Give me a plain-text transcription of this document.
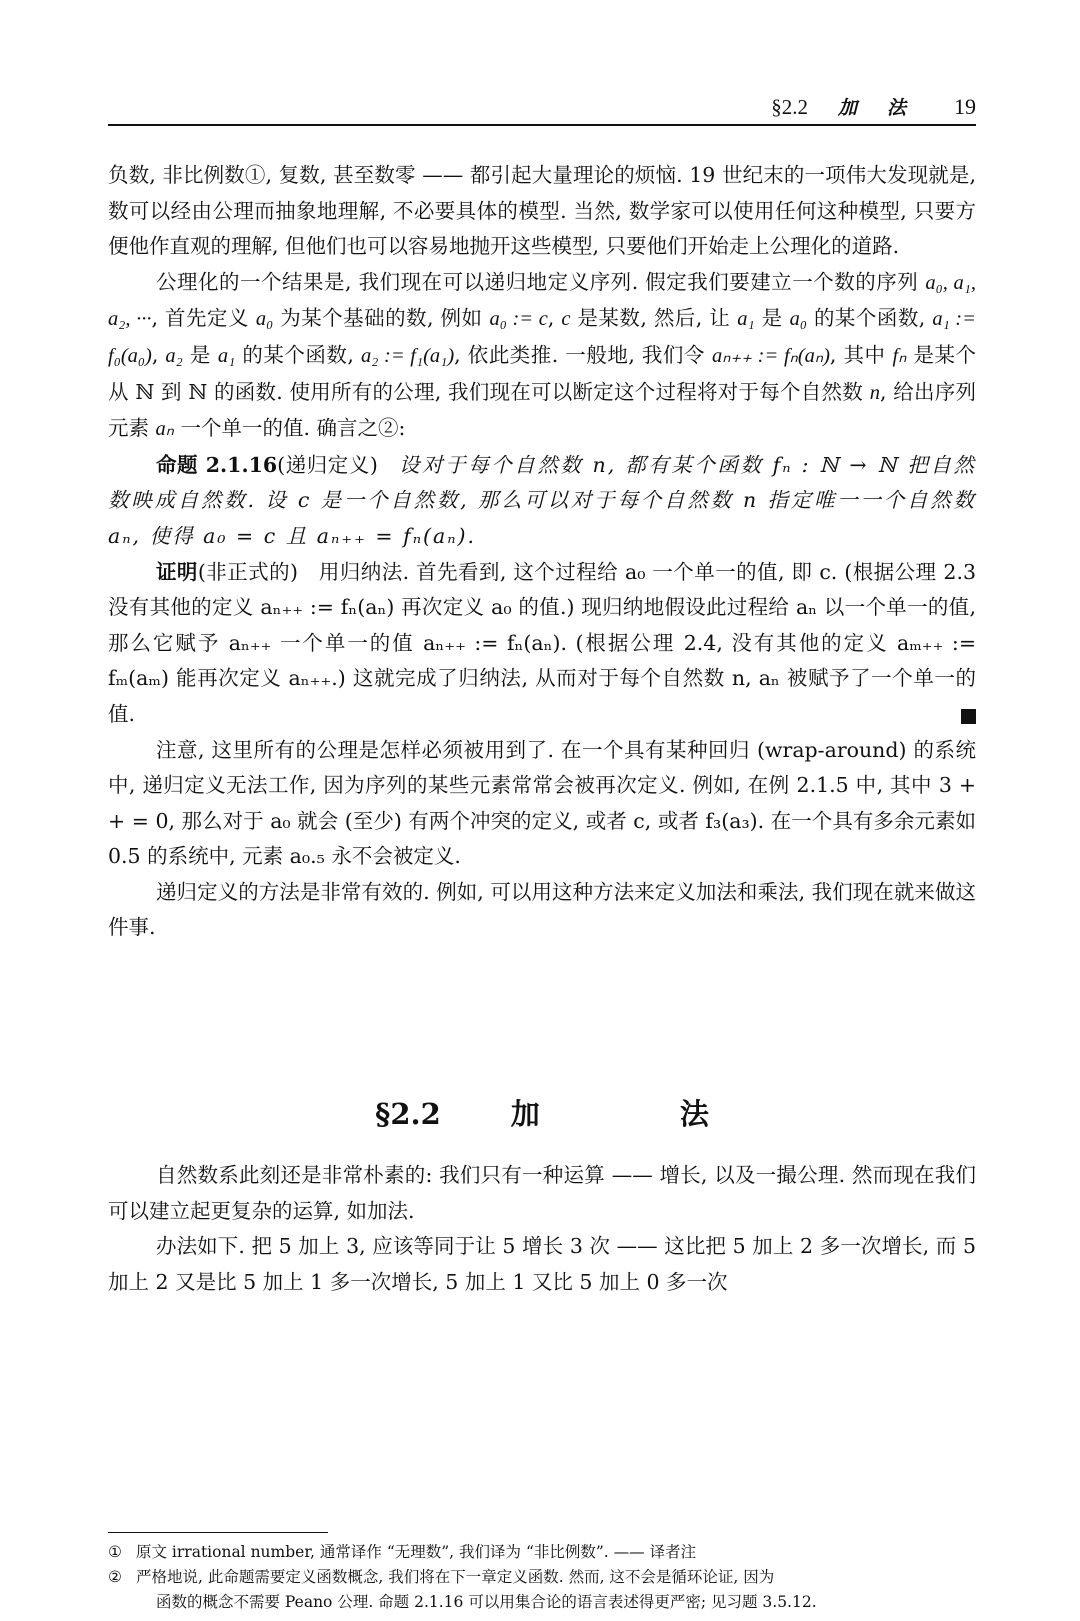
§2.2 加 法 19

负数, 非比例数①, 复数, 甚至数零 —— 都引起大量理论的烦恼. 19 世纪末的一项伟大发现就是, 数可以经由公理而抽象地理解, 不必要具体的模型. 当然, 数学家可以使用任何这种模型, 只要方便他作直观的理解, 但他们也可以容易地抛开这些模型, 只要他们开始走上公理化的道路.

公理化的一个结果是, 我们现在可以递归地定义序列. 假定我们要建立一个数的序列 a₀, a₁, a₂, ···, 首先定义 a₀ 为某个基础的数, 例如 a₀ := c, c 是某数, 然后, 让 a₁ 是 a₀ 的某个函数, a₁ := f₀(a₀), a₂ 是 a₁ 的某个函数, a₂ := f₁(a₁), 依此类推. 一般地, 我们令 aₙ₊₊ := fₙ(aₙ), 其中 fₙ 是某个从 ℕ 到 ℕ 的函数. 使用所有的公理, 我们现在可以断定这个过程将对于每个自然数 n, 给出序列元素 aₙ 一个单一的值. 确言之②:

命题 2.1.16(递归定义) 设对于每个自然数 n, 都有某个函数 fₙ : ℕ → ℕ 把自然数映成自然数. 设 c 是一个自然数, 那么可以对于每个自然数 n 指定唯一一个自然数 aₙ, 使得 a₀ = c 且 aₙ₊₊ = fₙ(aₙ).

证明(非正式的) 用归纳法. 首先看到, 这个过程给 a₀ 一个单一的值, 即 c. (根据公理 2.3 没有其他的定义 aₙ₊₊ := fₙ(aₙ) 再次定义 a₀ 的值.) 现归纳地假设此过程给 aₙ 以一个单一的值, 那么它赋予 aₙ₊₊ 一个单一的值 aₙ₊₊ := fₙ(aₙ). (根据公理 2.4, 没有其他的定义 aₘ₊₊ := fₘ(aₘ) 能再次定义 aₙ₊₊.) 这就完成了归纳法, 从而对于每个自然数 n, aₙ 被赋予了一个单一的值.

注意, 这里所有的公理是怎样必须被用到了. 在一个具有某种回归 (wrap-around) 的系统中, 递归定义无法工作, 因为序列的某些元素常常会被再次定义. 例如, 在例 2.1.5 中, 其中 3 + + = 0, 那么对于 a₀ 就会 (至少) 有两个冲突的定义, 或者 c, 或者 f₃(a₃). 在一个具有多余元素如 0.5 的系统中, 元素 a₀.₅ 永不会被定义.

递归定义的方法是非常有效的. 例如, 可以用这种方法来定义加法和乘法, 我们现在就来做这件事.

§2.2 加	法

自然数系此刻还是非常朴素的: 我们只有一种运算 —— 增长, 以及一撮公理. 然而现在我们可以建立起更复杂的运算, 如加法.

办法如下. 把 5 加上 3, 应该等同于让 5 增长 3 次 —— 这比把 5 加上 2 多一次增长, 而 5 加上 2 又是比 5 加上 1 多一次增长, 5 加上 1 又比 5 加上 0 多一次

① 原文 irrational number, 通常译作 “无理数”, 我们译为 “非比例数”. —— 译者注

② 严格地说, 此命题需要定义函数概念, 我们将在下一章定义函数. 然而, 这不会是循环论证, 因为

函数的概念不需要 Peano 公理. 命题 2.1.16 可以用集合论的语言表述得更严密; 见习题 3.5.12.
